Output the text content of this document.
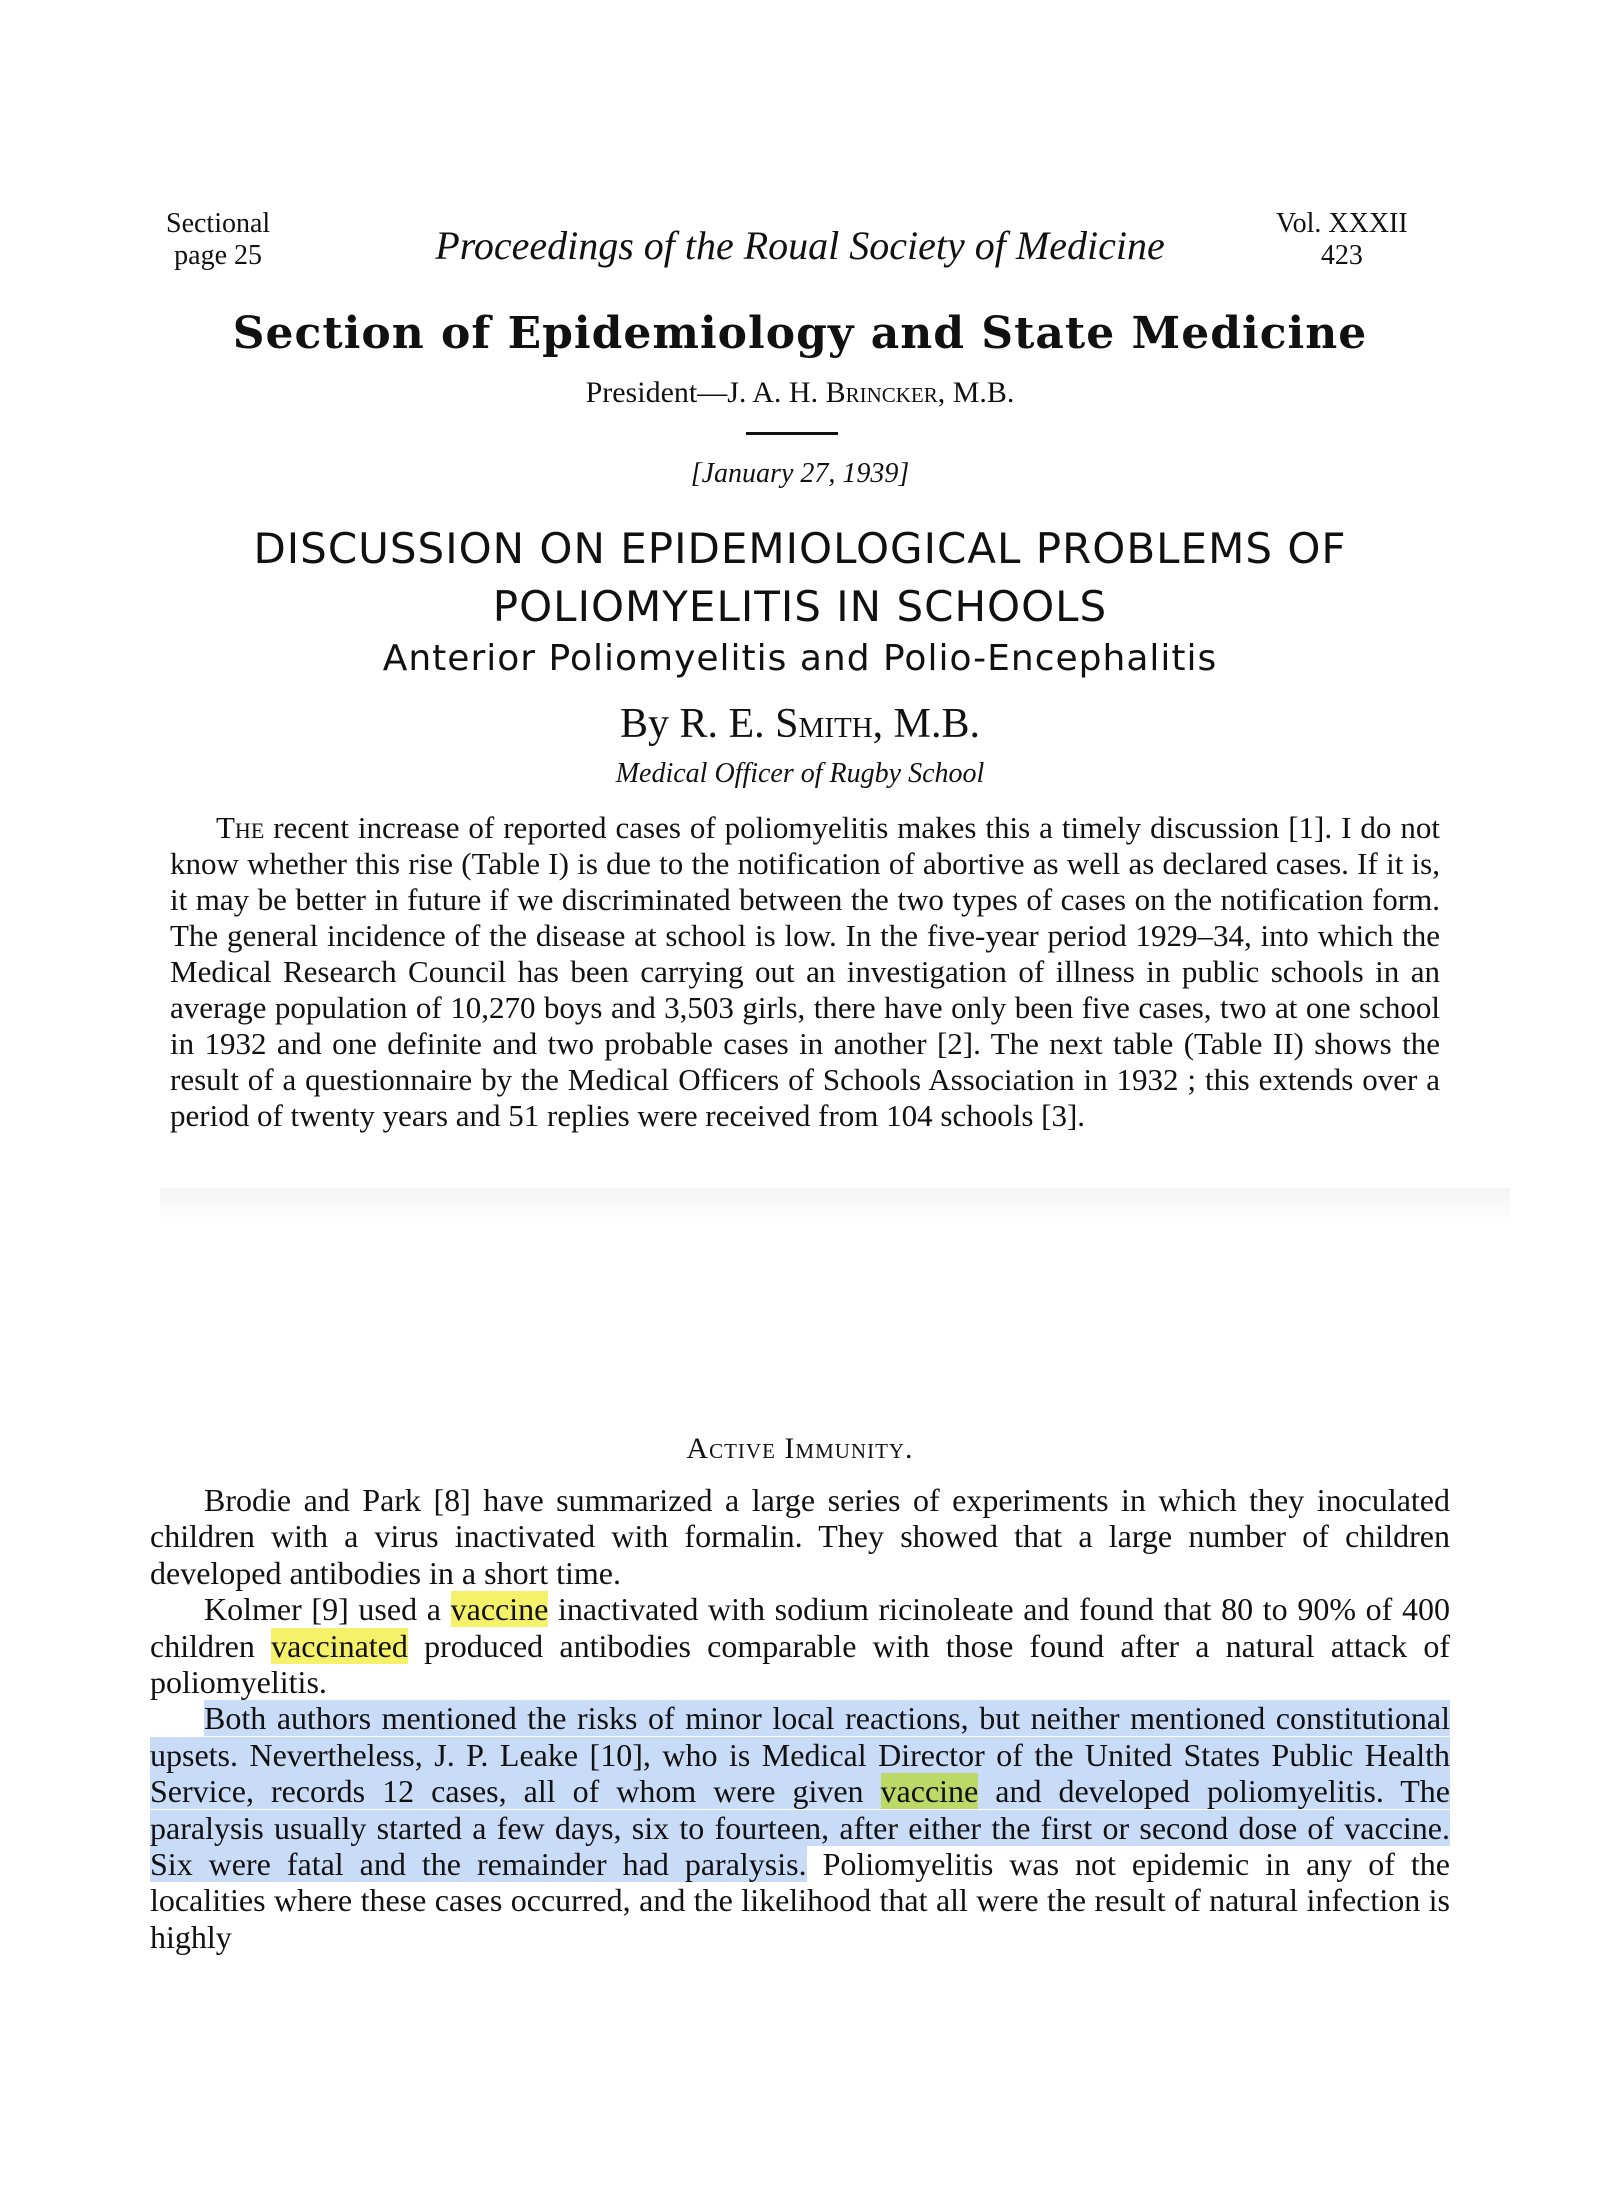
Sectional
page 25	Proceedings of the Roual Society of Medicine	Vol. XXXII
423
Section of Epidemiology and State Medicine
President—J. A. H. Brincker, M.B.
[January 27, 1939]
DISCUSSION ON EPIDEMIOLOGICAL PROBLEMS OF
POLIOMYELITIS IN SCHOOLS
Anterior Poliomyelitis and Polio-Encephalitis
By R. E. Smith, M.B.
Medical Officer of Rugby School

The recent increase of reported cases of poliomyelitis makes this a timely discussion [1]. I do not know whether this rise (Table I) is due to the notification of abortive as well as declared cases. If it is, it may be better in future if we discriminated between the two types of cases on the notification form. The general incidence of the disease at school is low. In the five-year period 1929–34, into which the Medical Research Council has been carrying out an investigation of illness in public schools in an average population of 10,270 boys and 3,503 girls, there have only been five cases, two at one school in 1932 and one definite and two probable cases in another [2]. The next table (Table II) shows the result of a questionnaire by the Medical Officers of Schools Association in 1932 ; this extends over a period of twenty years and 51 replies were received from 104 schools [3].

Active Immunity.

Brodie and Park [8] have summarized a large series of experiments in which they inoculated children with a virus inactivated with formalin. They showed that a large number of children developed antibodies in a short time.

Kolmer [9] used a vaccine inactivated with sodium ricinoleate and found that 80 to 90% of 400 children vaccinated produced antibodies comparable with those found after a natural attack of poliomyelitis.

Both authors mentioned the risks of minor local reactions, but neither mentioned constitutional upsets. Nevertheless, J. P. Leake [10], who is Medical Director of the United States Public Health Service, records 12 cases, all of whom were given vaccine and developed poliomyelitis. The paralysis usually started a few days, six to fourteen, after either the first or second dose of vaccine. Six were fatal and the remainder had paralysis. Poliomyelitis was not epidemic in any of the localities where these cases occurred, and the likelihood that all were the result of natural infection is highly
